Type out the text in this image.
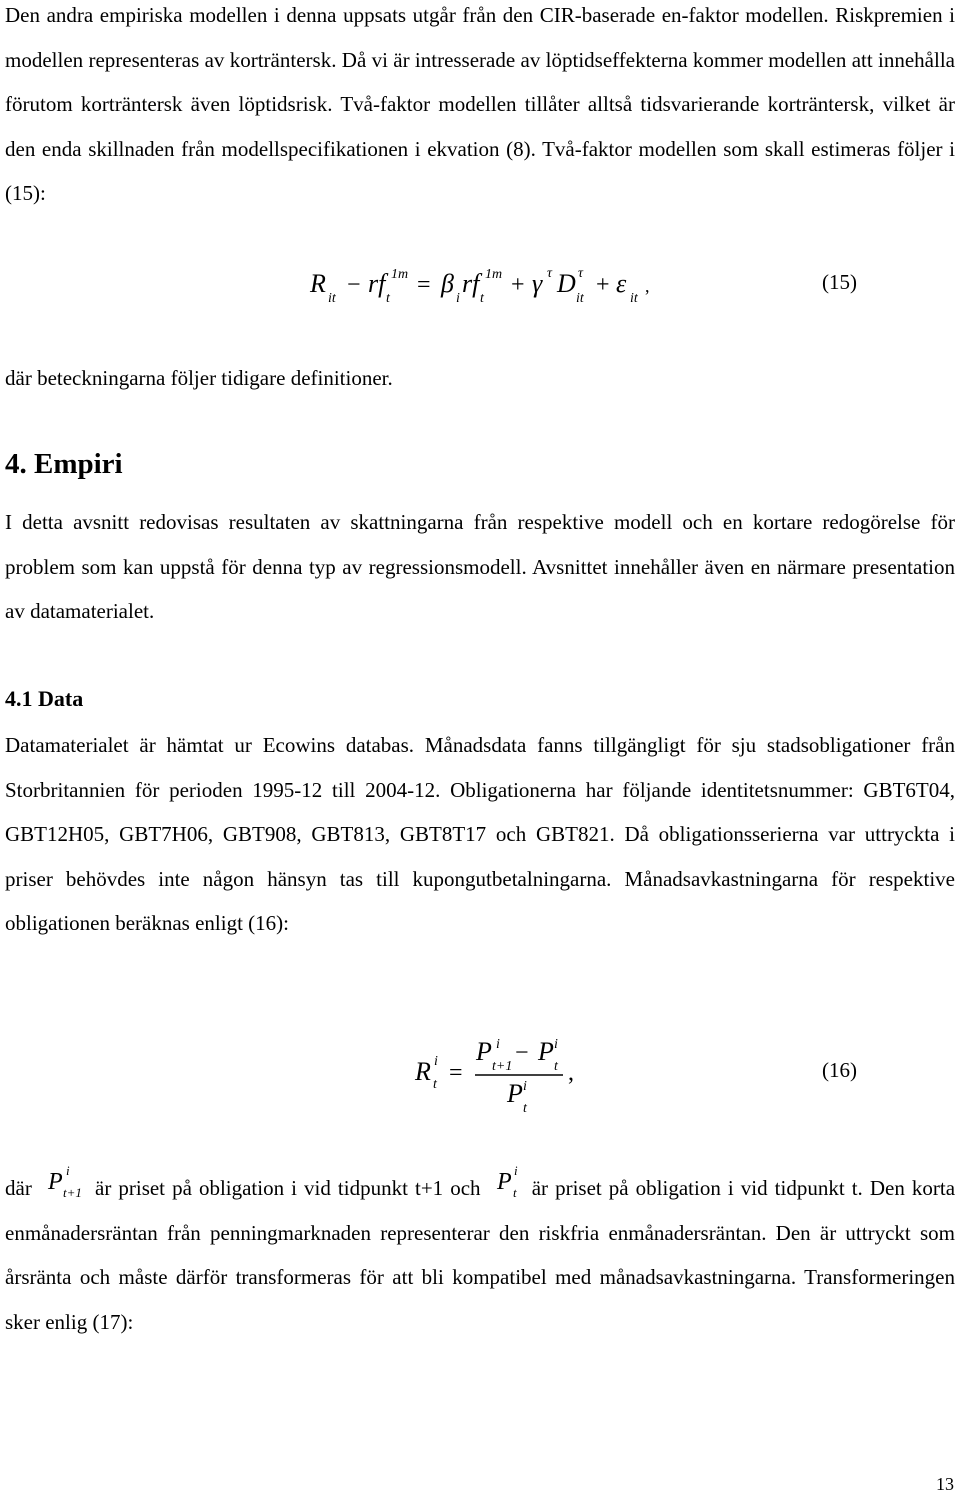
Den andra empiriska modellen i denna uppsats utgår från den CIR-baserade en-faktor modellen. Riskpremien i modellen representeras av korträntersk. Då vi är intresserade av löptidseffekterna kommer modellen att innehålla förutom korträntersk även löptidsrisk. Två-faktor modellen tillåter alltså tidsvarierande korträntersk, vilket är den enda skillnaden från modellspecifikationen i ekvation (8). Två-faktor modellen som skall estimeras följer i (15):

R
it
− rf
t
1m = β
i
rf
t
1m + γ τ D
it
τ + ε
it
,	(15)

där beteckningarna följer tidigare definitioner.

4. Empiri

I detta avsnitt redovisas resultaten av skattningarna från respektive modell och en kortare redogörelse för problem som kan uppstå för denna typ av regressionsmodell. Avsnittet innehåller även en närmare presentation av datamaterialet.

4.1 Data

Datamaterialet är hämtat ur Ecowins databas. Månadsdata fanns tillgängligt för sju stadsobligationer från Storbritannien för perioden 1995-12 till 2004-12. Obligationerna har följande identitetsnummer: GBT6T04, GBT12H05, GBT7H06, GBT908, GBT813, GBT8T17 och GBT821. Då obligationsserierna var uttryckta i priser behövdes inte någon hänsyn tas till kupongutbetalningarna. Månadsavkastningarna för respektive obligationen beräknas enligt (16):

R t
i =
P
t+1
i − P
t
i
P
t
i
,	(16)

där P t+1
i
är priset på obligation i vid tidpunkt t+1 och P t
i
är priset på obligation i vid tidpunkt t. Den korta enmånadersräntan från penningmarknaden representerar den riskfria enmånadersräntan. Den är uttryckt som årsränta och måste därför transformeras för att bli kompatibel med månadsavkastningarna. Transformeringen sker enlig (17):

13
